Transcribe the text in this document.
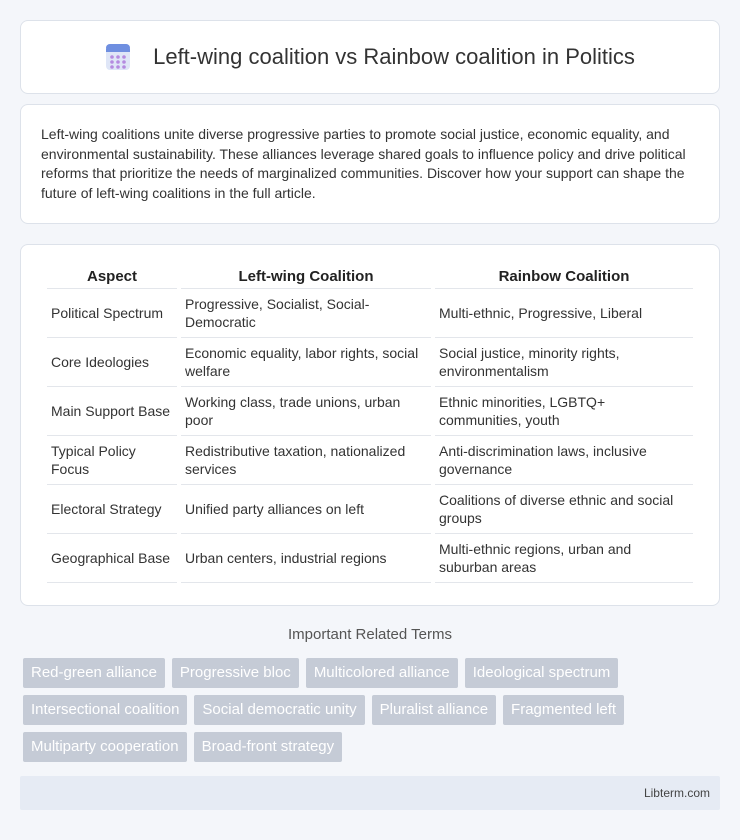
Left-wing coalition vs Rainbow coalition in Politics

Left-wing coalitions unite diverse progressive parties to promote social justice, economic equality, and environmental sustainability. These alliances leverage shared goals to influence policy and drive political reforms that prioritize the needs of marginalized communities. Discover how your support can shape the future of left-wing coalitions in the full article.

Aspect	Left-wing Coalition	Rainbow Coalition
Political Spectrum	Progressive, Socialist, Social-Democratic	Multi-ethnic, Progressive, Liberal
Core Ideologies	Economic equality, labor rights, social welfare	Social justice, minority rights, environmentalism
Main Support Base	Working class, trade unions, urban poor	Ethnic minorities, LGBTQ+ communities, youth
Typical Policy Focus	Redistributive taxation, nationalized services	Anti-discrimination laws, inclusive governance
Electoral Strategy	Unified party alliances on left	Coalitions of diverse ethnic and social groups
Geographical Base	Urban centers, industrial regions	Multi-ethnic regions, urban and suburban areas
Important Related Terms
Red-green alliance	Progressive bloc	Multicolored alliance	Ideological spectrum
Intersectional coalition	Social democratic unity	Pluralist alliance	Fragmented left
Multiparty cooperation	Broad-front strategy
Libterm.com
